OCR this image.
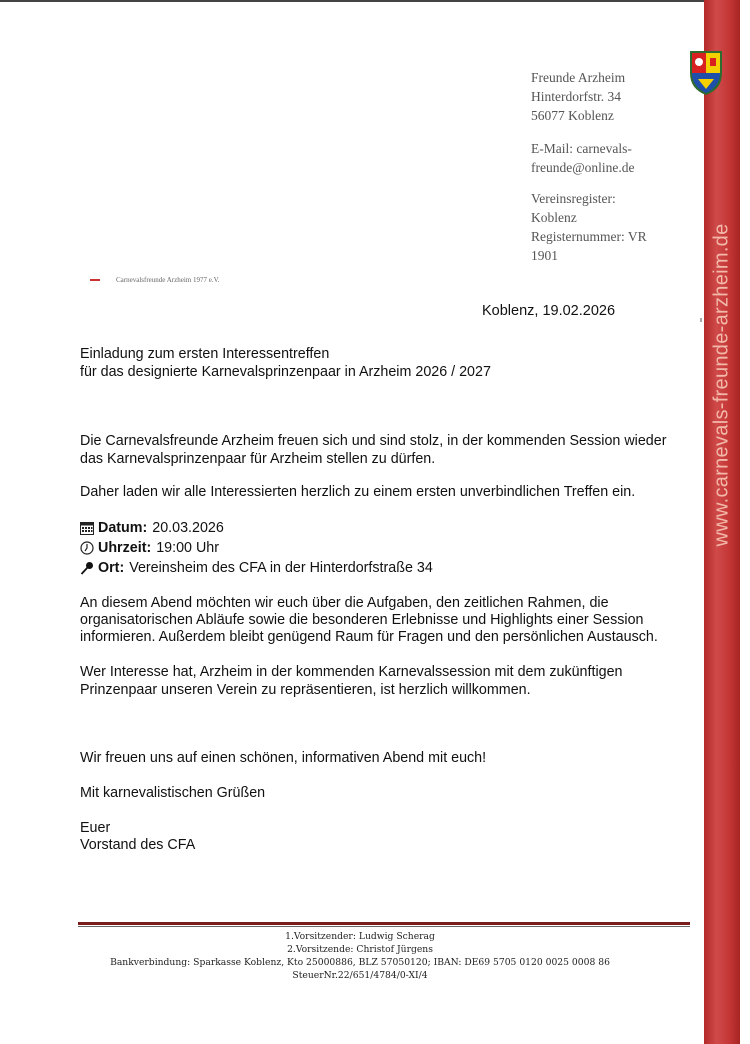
www.carnevals-freunde-arzheim.de
Freunde Arzheim
Hinterdorfstr. 34
56077 Koblenz
E-Mail: carnevals-
freunde@online.de
Vereinsregister:
Koblenz
Registernummer: VR
1901
Carnevalsfreunde Arzheim 1977 e.V.
Koblenz, 19.02.2026
Einladung zum ersten Interessentreffen
für das designierte Karnevalsprinzenpaar in Arzheim 2026 / 2027
Die Carnevalsfreunde Arzheim freuen sich und sind stolz, in der kommenden Session wieder
das Karnevalsprinzenpaar für Arzheim stellen zu dürfen.
Daher laden wir alle Interessierten herzlich zu einem ersten unverbindlichen Treffen ein.
Datum: 20.03.2026
Uhrzeit: 19:00 Uhr
Ort: Vereinsheim des CFA in der Hinterdorfstraße 34
An diesem Abend möchten wir euch über die Aufgaben, den zeitlichen Rahmen, die
organisatorischen Abläufe sowie die besonderen Erlebnisse und Highlights einer Session
informieren. Außerdem bleibt genügend Raum für Fragen und den persönlichen Austausch.
Wer Interesse hat, Arzheim in der kommenden Karnevalssession mit dem zukünftigen
Prinzenpaar unseren Verein zu repräsentieren, ist herzlich willkommen.
Wir freuen uns auf einen schönen, informativen Abend mit euch!
Mit karnevalistischen Grüßen
Euer
Vorstand des CFA
1.Vorsitzender: Ludwig Scherag
2.Vorsitzende: Christof Jürgens
Bankverbindung: Sparkasse Koblenz, Kto 25000886, BLZ 57050120; IBAN: DE69 5705 0120 0025 0008 86
SteuerNr.22/651/4784/0-XI/4
